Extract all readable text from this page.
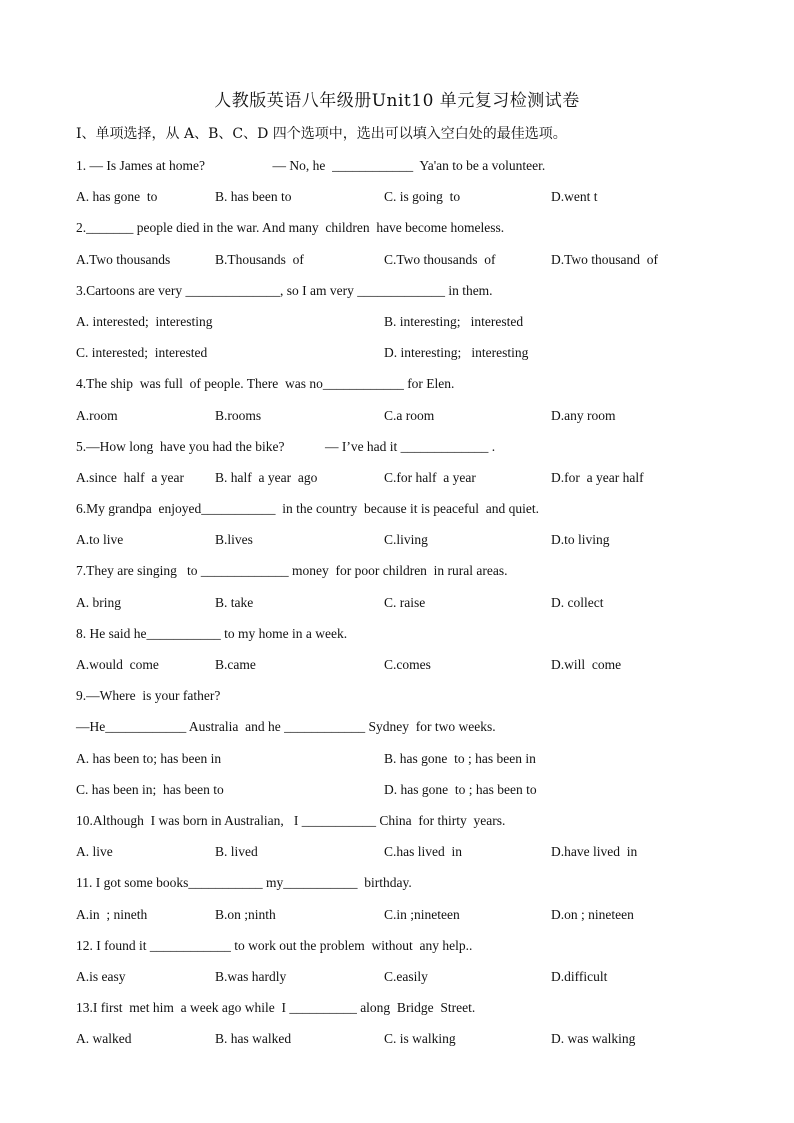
人教版英语八年级册Unit10 单元复习检测试卷
Ⅰ、单项选择，从 A、B、C、D 四个选项中，选出可以填入空白处的最佳选项。
1. — Is James at home?                    — No, he  ____________  Ya'an to be a volunteer.
A. has gone  to	B. has been to	C. is going  to	D.went t
2._______ people died in the war. And many  children  have become homeless.
A.Two thousands	B.Thousands  of	C.Two thousands  of	D.Two thousand  of
3.Cartoons are very ______________, so I am very _____________ in them.
A. interested;  interesting	B. interesting;   interested
C. interested;  interested	D. interesting;   interesting
4.The ship  was full  of people. There  was no____________ for Elen.
A.room	B.rooms	C.a room	D.any room
5.—How long  have you had the bike?            — I’ve had it _____________ .
A.since  half  a year B. half  a year  ago	C.for half  a year	D.for  a year half
6.My grandpa  enjoyed___________  in the country  because it is peaceful  and quiet.
A.to live	B.lives	C.living	D.to living
7.They are singing   to _____________ money  for poor children  in rural areas.
A. bring	B. take	C. raise	D. collect
8. He said he___________ to my home in a week.
A.would  come	B.came	C.comes	D.will  come
9.—Where  is your father?
—He____________ Australia  and he ____________ Sydney  for two weeks.
A. has been to; has been in	B. has gone  to ; has been in
C. has been in;  has been to	D. has gone  to ; has been to
10.Although  I was born in Australian,   I ___________ China  for thirty  years.
A. live	B. lived	C.has lived  in	D.have lived  in
11. I got some books___________ my___________  birthday.
A.in  ; nineth	B.on ;ninth	C.in ;nineteen	D.on ; nineteen
12. I found it ____________ to work out the problem  without  any help..
A.is easy	B.was hardly	C.easily	D.difficult
13.I first  met him  a week ago while  I __________ along  Bridge  Street.
A. walked	B. has walked	C. is walking	D. was walking
